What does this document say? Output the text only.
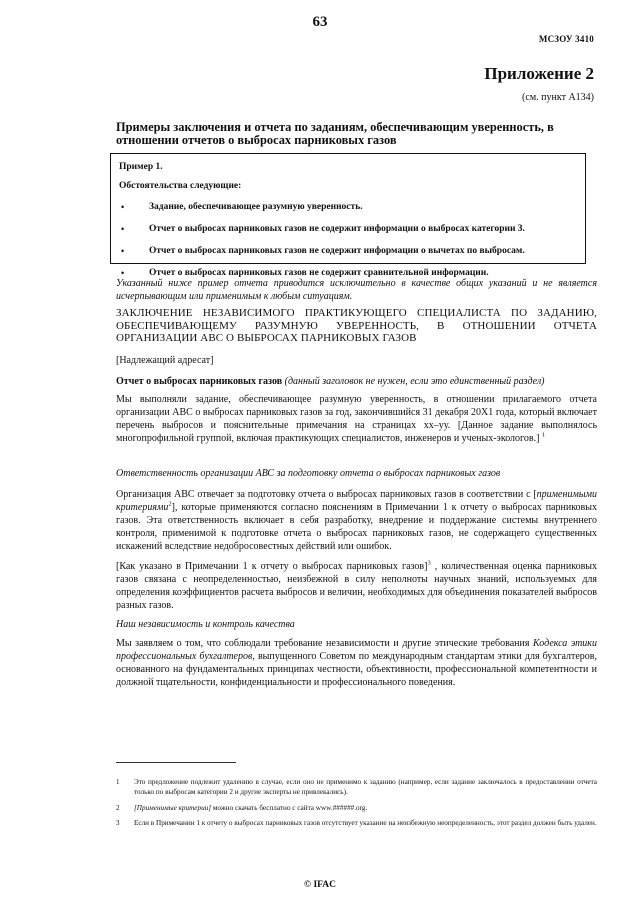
63
МСЗОУ 3410
Приложение 2
(см. пункт A134)
Примеры заключения и отчета по заданиям, обеспечивающим уверенность, в отношении отчетов о выбросах парниковых газов
Пример 1.
Обстоятельства следующие:
•	Задание, обеспечивающее разумную уверенность.
•	Отчет о выбросах парниковых газов не содержит информации о выбросах категории 3.
•	Отчет о выбросах парниковых газов не содержит информации о вычетах по выбросам.
•	Отчет о выбросах парниковых газов не содержит сравнительной информации.
Указанный ниже пример отчета приводится исключительно в качестве общих указаний и не является исчерпывающим или применимым к любым ситуациям.
ЗАКЛЮЧЕНИЕ НЕЗАВИСИМОГО ПРАКТИКУЮЩЕГО СПЕЦИАЛИСТА ПО ЗАДАНИЮ, ОБЕСПЕЧИВАЮЩЕМУ РАЗУМНУЮ УВЕРЕННОСТЬ, В ОТНОШЕНИИ ОТЧЕТА ОРГАНИЗАЦИИ АВС О ВЫБРОСАХ ПАРНИКОВЫХ ГАЗОВ
[Надлежащий адресат]
Отчет о выбросах парниковых газов (данный заголовок не нужен, если это единственный раздел)
Мы выполняли задание, обеспечивающее разумную уверенность, в отношении прилагаемого отчета организации АВС о выбросах парниковых газов за год, закончившийся 31 декабря 20X1 года, который включает перечень выбросов и пояснительные примечания на страницах хх–уу. [Данное задание выполнялось многопрофильной группой, включая практикующих специалистов, инженеров и ученых-экологов.] $^1$
Ответственность организации АВС за подготовку отчета о выбросах парниковых газов
Организация АВС отвечает за подготовку отчета о выбросах парниковых газов в соответствии с [применимыми критериями$^2$], которые применяются согласно пояснениям в Примечании 1 к отчету о выбросах парниковых газов. Эта ответственность включает в себя разработку, внедрение и поддержание системы внутреннего контроля, применимой к подготовке отчета о выбросах парниковых газов, не содержащего существенных искажений вследствие недобросовестных действий или ошибок.
[Как указано в Примечании 1 к отчету о выбросах парниковых газов]$^3$ , количественная оценка парниковых газов связана с неопределенностью, неизбежной в силу неполноты научных знаний, используемых для определения коэффициентов расчета выбросов и величин, необходимых для объединения показателей выбросов разных газов.
Наш независимость и контроль качества
Мы заявляем о том, что соблюдали требование независимости и другие этические требования Кодекса этики профессиональных бухгалтеров, выпущенного Советом по международным стандартам этики для бухгалтеров, основанного на фундаментальных принципах честности, объективности, профессиональной компетентности и должной тщательности, конфиденциальности и профессионального поведения.
1 Это предложение подлежит удалению в случае, если оно не применимо к заданию (например, если задание заключалось в предоставлении отчета только по выбросам категории 2 и другие эксперты не привлекались).
2 [Применимые критерии] можно скачать бесплатно с сайта www.######.org.
3 Если в Примечании 1 к отчету о выбросах парниковых газов отсутствует указание на неизбежную неопределенность, этот раздел должен быть удален.
© IFAC
